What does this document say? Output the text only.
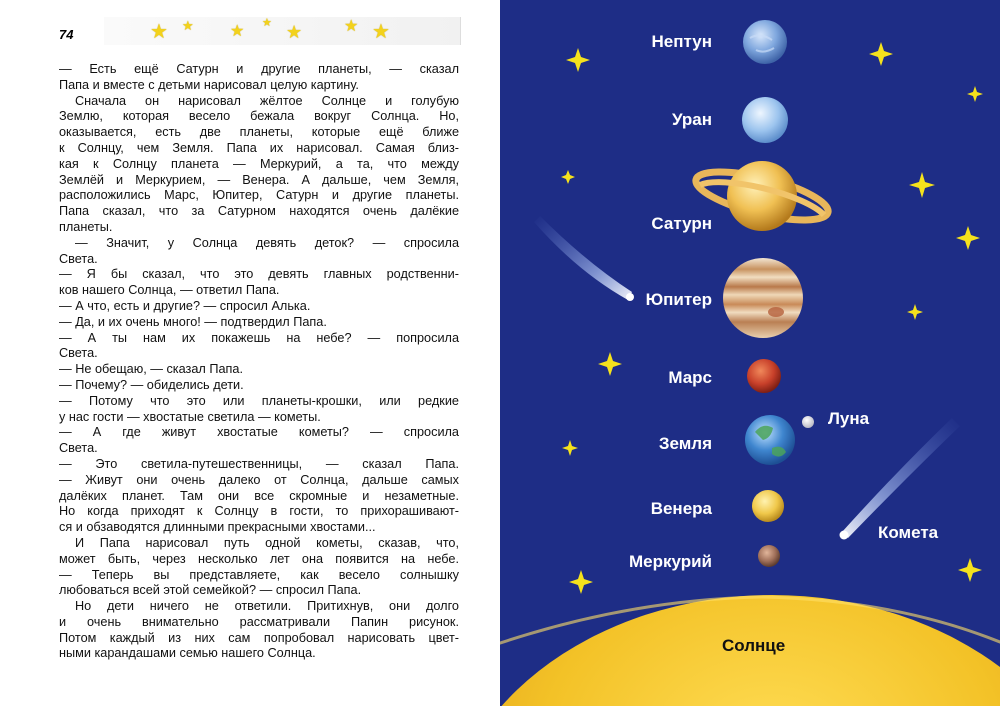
74	★ ★ ★ ★ ★	★ ★
— Есть ещё Сатурн и другие планеты, — сказал
Папа и вместе с детьми нарисовал целую картину.
Сначала он нарисовал жёлтое Солнце и голубую
Землю, которая весело бежала вокруг Солнца. Но,
оказывается, есть две планеты, которые ещё ближе
к Солнцу, чем Земля. Папа их нарисовал. Самая близ-
кая к Солнцу планета — Меркурий, а та, что между
Землёй и Меркурием, — Венера. А дальше, чем Земля,
расположились Марс, Юпитер, Сатурн и другие планеты.
Папа сказал, что за Сатурном находятся очень далёкие
планеты.
— Значит, у Солнца девять деток? — спросила
Света.
— Я бы сказал, что это девять главных родственни-
ков нашего Солнца, — ответил Папа.
— А что, есть и другие? — спросил Алька.
— Да, и их очень много! — подтвердил Папа.
— А ты нам их покажешь на небе? — попросила
Света.
— Не обещаю, — сказал Папа.
— Почему? — обиделись дети.
— Потому что это или планеты-крошки, или редкие
у нас гости — хвостатые светила — кометы.
— А где живут хвостатые кометы? — спросила
Света.
— Это светила-путешественницы, — сказал Папа.
— Живут они очень далеко от Солнца, дальше самых
далёких планет. Там они все скромные и незаметные.
Но когда приходят к Солнцу в гости, то прихорашивают-
ся и обзаводятся длинными прекрасными хвостами...
И Папа нарисовал путь одной кометы, сказав, что,
может быть, через несколько лет она появится на небе.
— Теперь вы представляете, как весело солнышку
любоваться всей этой семейкой? — спросил Папа.
Но дети ничего не ответили. Притихнув, они долго
и очень внимательно рассматривали Папин рисунок.
Потом каждый из них сам попробовал нарисовать цвет-
ными карандашами семью нашего Солнца.
Нептун
Уран
Сатурн
Юпитер
Марс
Земля
Венера
Меркурий
Луна
Комета
Солнце
